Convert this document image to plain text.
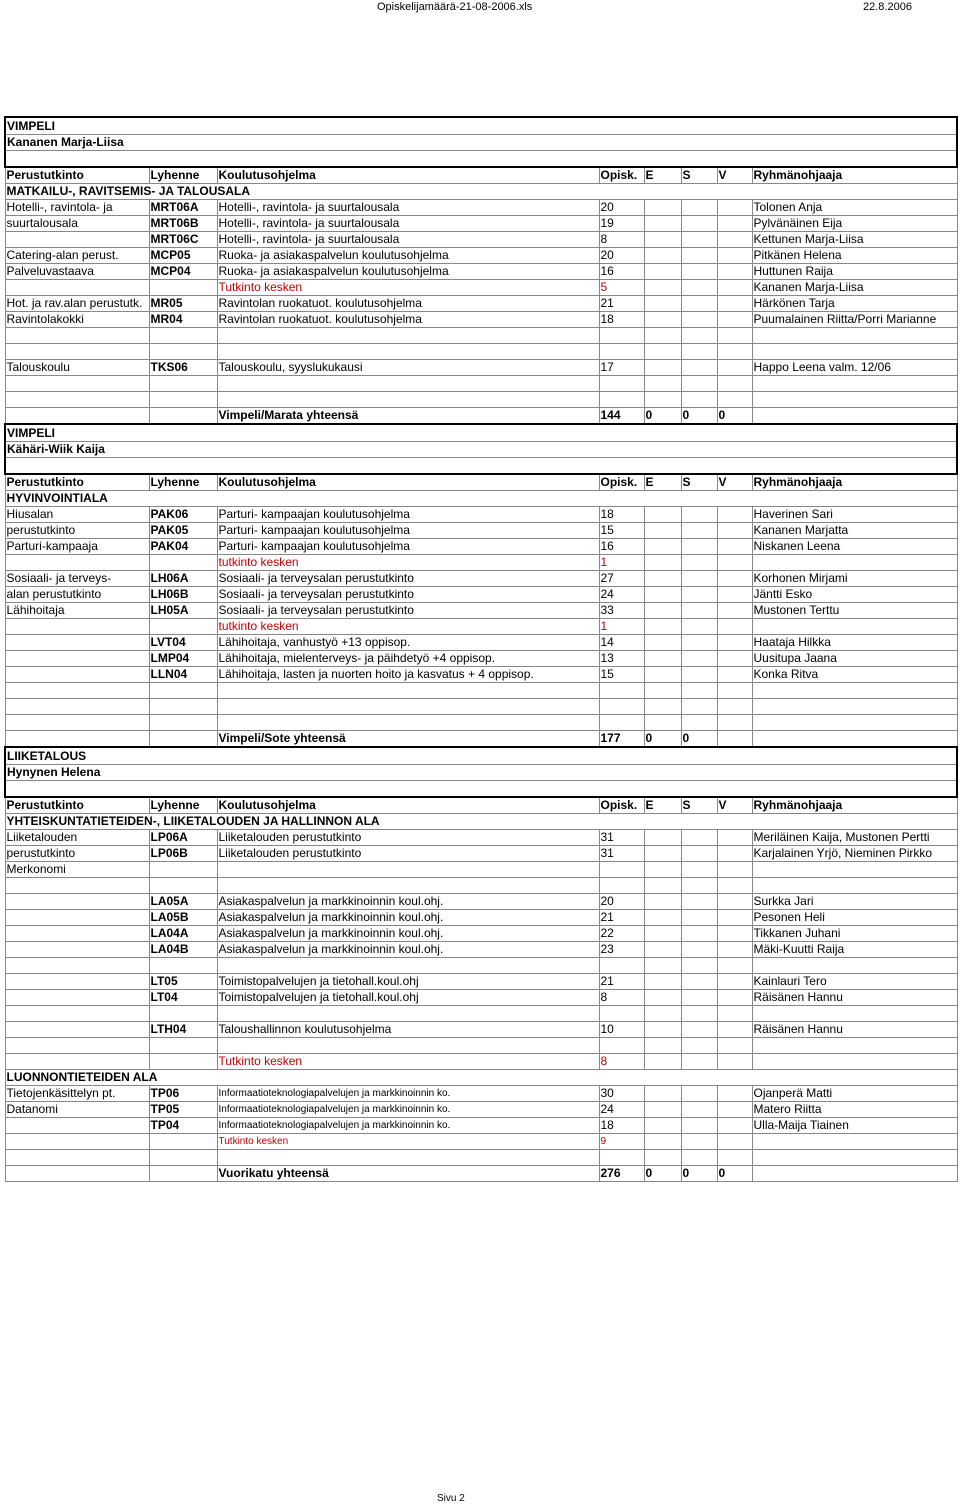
Opiskelijamäärä-21-08-2006.xls	22.8.2006
VIMPELI							
Kananen Marja-Liisa							

Perustutkinto	Lyhenne	Koulutusohjelma	Opisk.	E	S	V	Ryhmänohjaaja
MATKAILU-, RAVITSEMIS- JA TALOUSALA							
Hotelli-, ravintola- ja	MRT06A	Hotelli-, ravintola- ja suurtalousala	20				Tolonen Anja
suurtalousala	MRT06B	Hotelli-, ravintola- ja suurtalousala	19				Pylvänäinen Eija
	MRT06C	Hotelli-, ravintola- ja suurtalousala	8				Kettunen Marja-Liisa
Catering-alan perust.	MCP05	Ruoka- ja asiakaspalvelun koulutusohjelma	20				Pitkänen Helena
Palveluvastaava	MCP04	Ruoka- ja asiakaspalvelun koulutusohjelma	16				Huttunen Raija
		Tutkinto kesken	5				Kananen Marja-Liisa
Hot. ja rav.alan perustutk.	MR05	Ravintolan ruokatuot. koulutusohjelma	21				Härkönen Tarja
Ravintolakokki	MR04	Ravintolan ruokatuot. koulutusohjelma	18				Puumalainen Riitta/Porri Marianne

Talouskoulu	TKS06	Talouskoulu, syyslukukausi	17				Happo Leena valm. 12/06

		Vimpeli/Marata yhteensä	144	0	0	0	
VIMPELI							
Kähäri-Wiik Kaija							

Perustutkinto	Lyhenne	Koulutusohjelma	Opisk.	E	S	V	Ryhmänohjaaja
HYVINVOINTIALA							
Hiusalan	PAK06	Parturi- kampaajan koulutusohjelma	18				Haverinen Sari
perustutkinto	PAK05	Parturi- kampaajan koulutusohjelma	15				Kananen Marjatta
Parturi-kampaaja	PAK04	Parturi- kampaajan koulutusohjelma	16				Niskanen Leena
		tutkinto kesken	1				
Sosiaali- ja terveys-	LH06A	Sosiaali- ja terveysalan perustutkinto	27				Korhonen Mirjami
alan perustutkinto	LH06B	Sosiaali- ja terveysalan perustutkinto	24				Jäntti Esko
Lähihoitaja	LH05A	Sosiaali- ja terveysalan perustutkinto	33				Mustonen Terttu
		tutkinto kesken	1				
	LVT04	Lähihoitaja, vanhustyö +13 oppisop.	14				Haataja Hilkka
	LMP04	Lähihoitaja, mielenterveys- ja päihdetyö +4 oppisop.	13				Uusitupa Jaana
	LLN04	Lähihoitaja, lasten ja nuorten hoito ja kasvatus + 4 oppisop.	15				Konka Ritva

		Vimpeli/Sote yhteensä	177	0	0		
LIIKETALOUS							
Hynynen Helena							

Perustutkinto	Lyhenne	Koulutusohjelma	Opisk.	E	S	V	Ryhmänohjaaja
YHTEISKUNTATIETEIDEN-, LIIKETALOUDEN JA HALLINNON ALA							
Liiketalouden	LP06A	Liiketalouden perustutkinto	31				Meriläinen Kaija, Mustonen Pertti
perustutkinto	LP06B	Liiketalouden perustutkinto	31				Karjalainen Yrjö, Nieminen Pirkko
Merkonomi							

	LA05A	Asiakaspalvelun ja markkinoinnin koul.ohj.	20				Surkka Jari
	LA05B	Asiakaspalvelun ja markkinoinnin koul.ohj.	21				Pesonen Heli
	LA04A	Asiakaspalvelun ja markkinoinnin koul.ohj.	22				Tikkanen Juhani
	LA04B	Asiakaspalvelun ja markkinoinnin koul.ohj.	23				Mäki-Kuutti Raija

	LT05	Toimistopalvelujen ja tietohall.koul.ohj	21				Kainlauri Tero
	LT04	Toimistopalvelujen ja tietohall.koul.ohj	8				Räisänen Hannu

	LTH04	Taloushallinnon koulutusohjelma	10				Räisänen Hannu

		Tutkinto kesken	8				
LUONNONTIETEIDEN ALA							
Tietojenkäsittelyn pt.	TP06	Informaatioteknologiapalvelujen ja markkinoinnin ko.	30				Ojanperä Matti
Datanomi	TP05	Informaatioteknologiapalvelujen ja markkinoinnin ko.	24				Matero Riitta
	TP04	Informaatioteknologiapalvelujen ja markkinoinnin ko.	18				Ulla-Maija Tiainen
		Tutkinto kesken	9				

		Vuorikatu yhteensä	276	0	0	0	
Sivu 2
